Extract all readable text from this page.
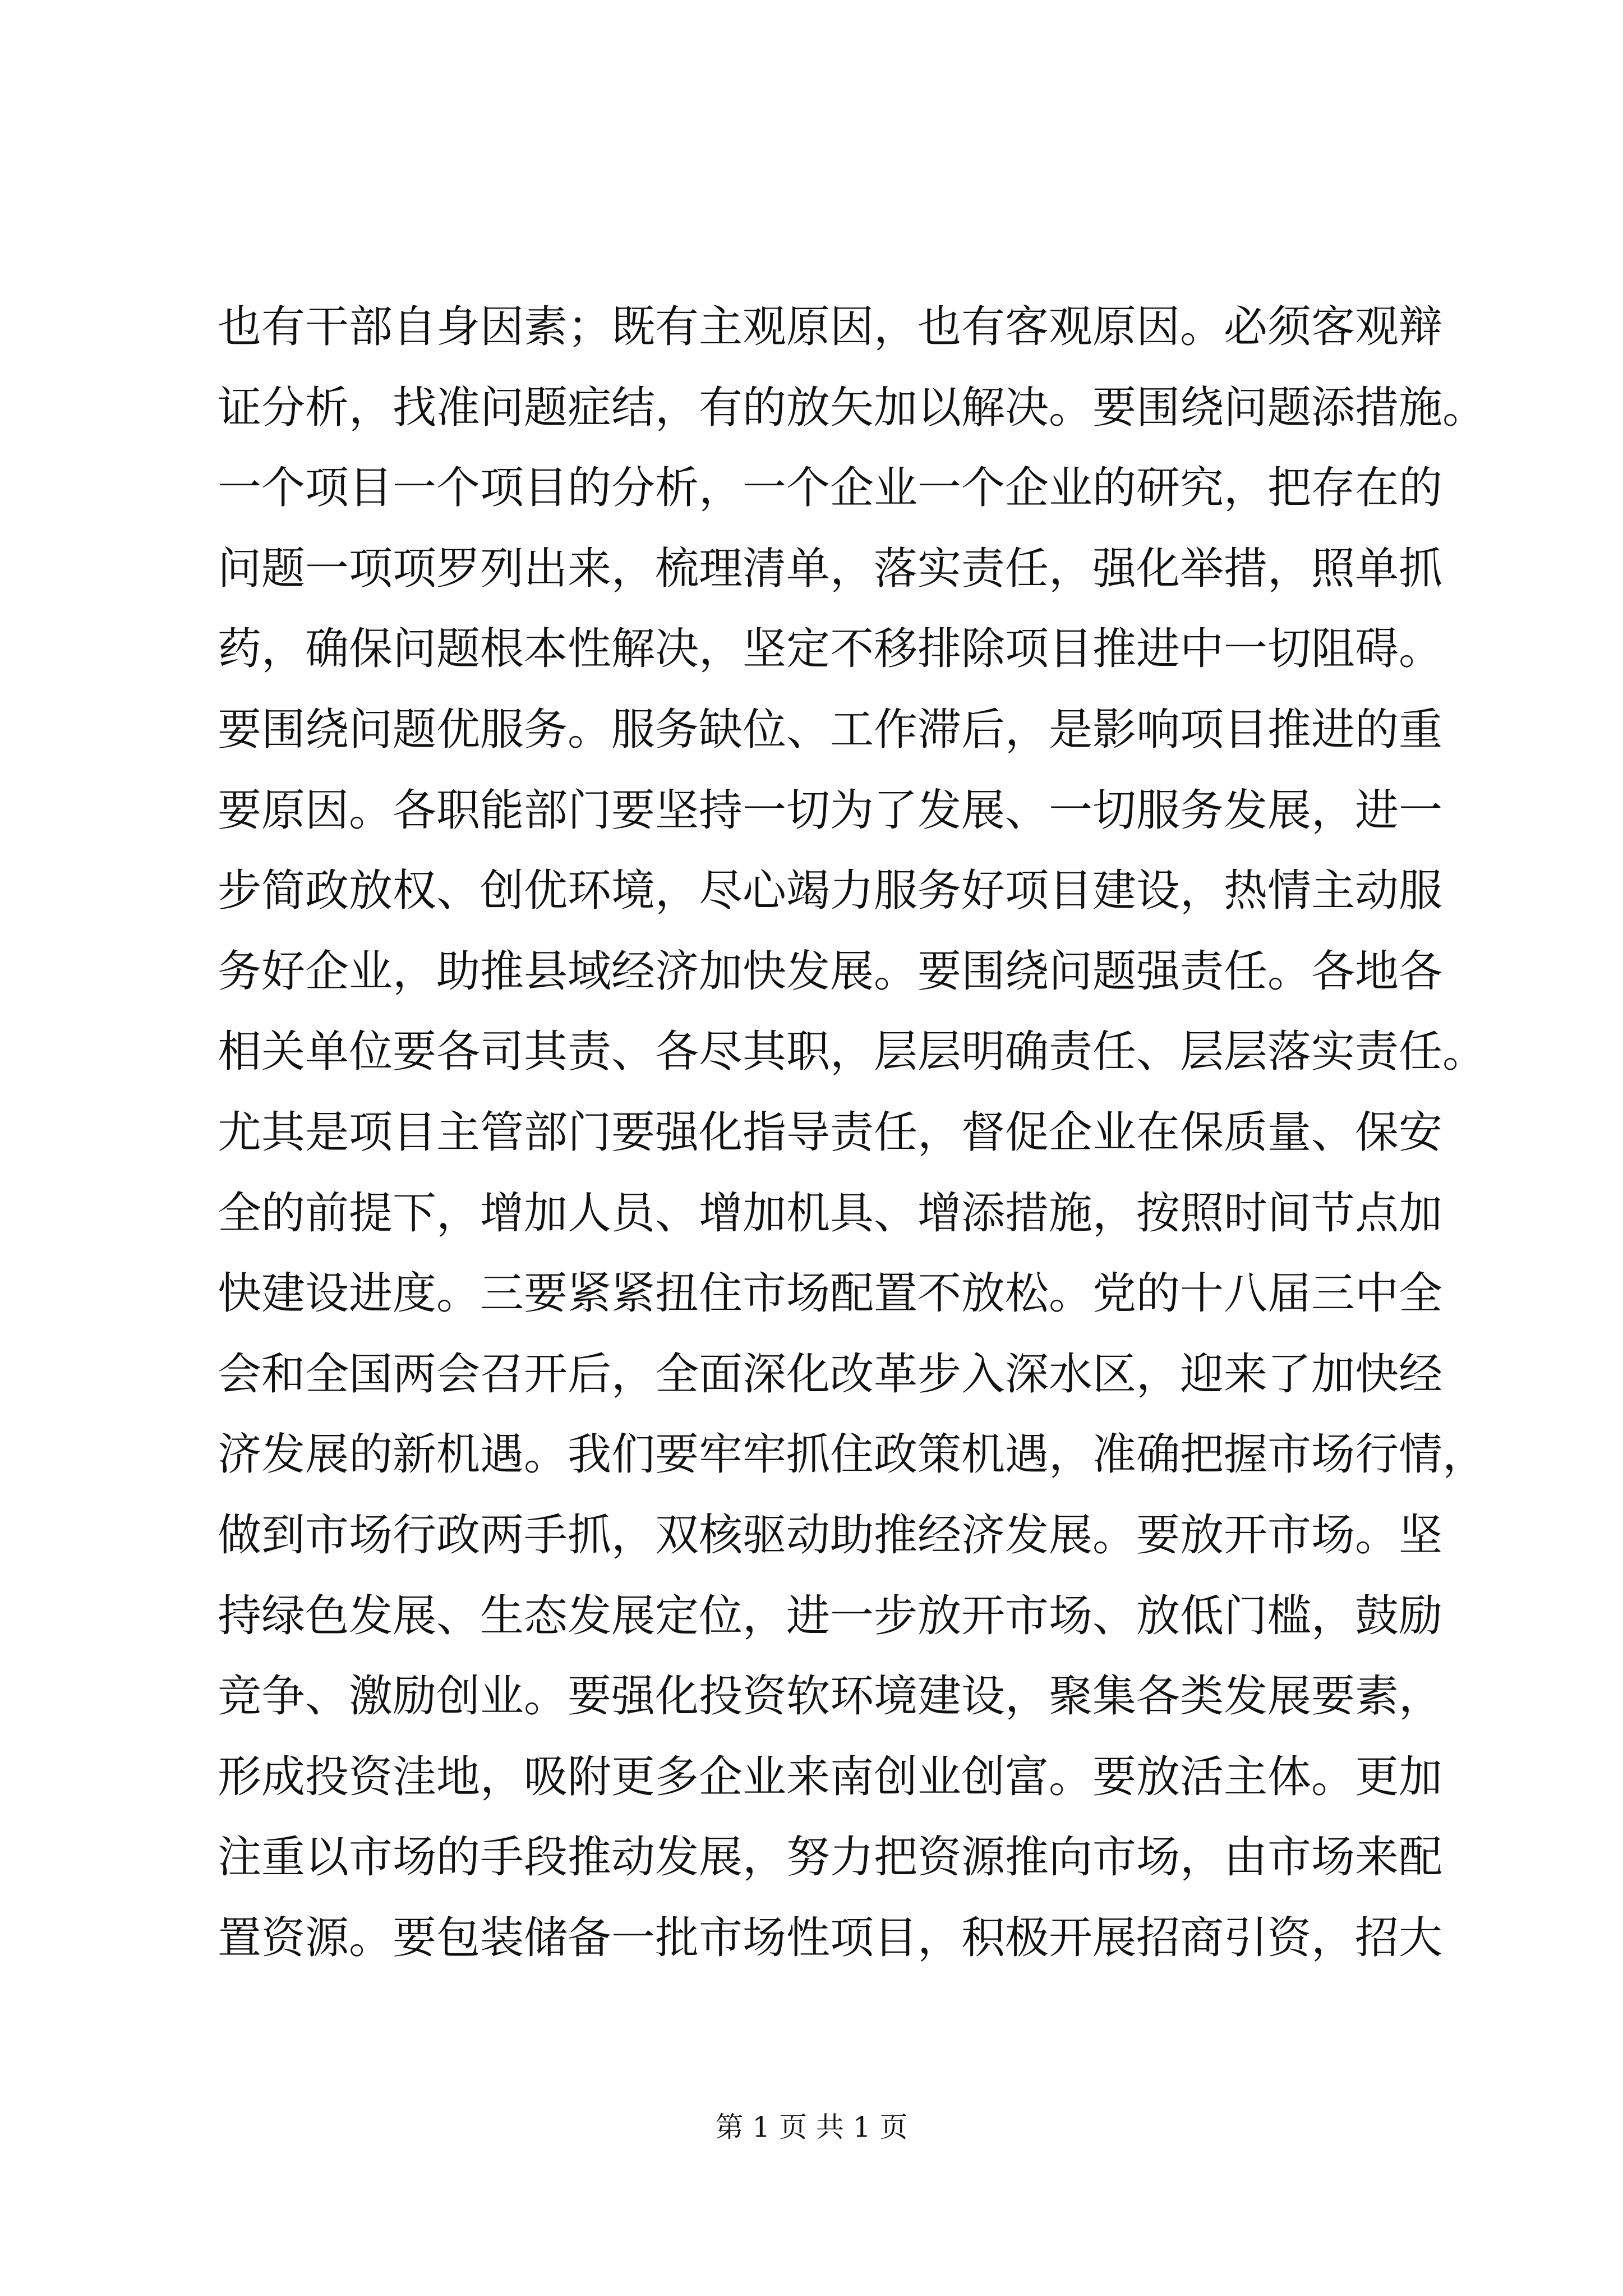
也有干部自身因素；既有主观原因，也有客观原因。必须客观辩
证分析，找准问题症结，有的放矢加以解决。要围绕问题添措施。
一个项目一个项目的分析，一个企业一个企业的研究，把存在的
问题一项项罗列出来，梳理清单，落实责任，强化举措，照单抓
药，确保问题根本性解决，坚定不移排除项目推进中一切阻碍。
要围绕问题优服务。服务缺位、工作滞后，是影响项目推进的重
要原因。各职能部门要坚持一切为了发展、一切服务发展，进一
步简政放权、创优环境，尽心竭力服务好项目建设，热情主动服
务好企业，助推县域经济加快发展。要围绕问题强责任。各地各
相关单位要各司其责、各尽其职，层层明确责任、层层落实责任。
尤其是项目主管部门要强化指导责任，督促企业在保质量、保安
全的前提下，增加人员、增加机具、增添措施，按照时间节点加
快建设进度。三要紧紧扭住市场配置不放松。党的十八届三中全
会和全国两会召开后，全面深化改革步入深水区，迎来了加快经
济发展的新机遇。我们要牢牢抓住政策机遇，准确把握市场行情，
做到市场行政两手抓，双核驱动助推经济发展。要放开市场。坚
持绿色发展、生态发展定位，进一步放开市场、放低门槛，鼓励
竞争、激励创业。要强化投资软环境建设，聚集各类发展要素，
形成投资洼地，吸附更多企业来南创业创富。要放活主体。更加
注重以市场的手段推动发展，努力把资源推向市场，由市场来配
置资源。要包装储备一批市场性项目，积极开展招商引资，招大
第 1 页 共 1 页
